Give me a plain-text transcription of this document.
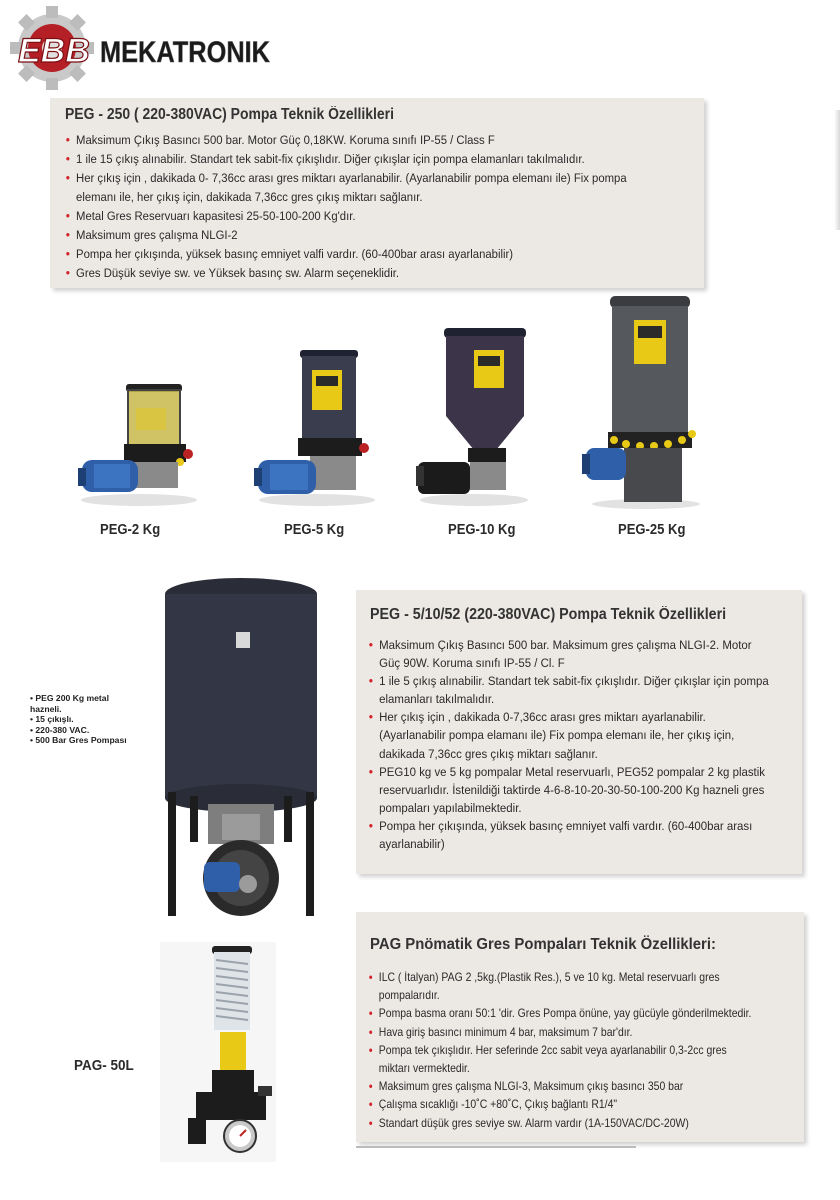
EBB MEKATRONIK
PEG - 250 ( 220-380VAC) Pompa Teknik Özellikleri
• Maksimum Çıkış Basıncı 500 bar. Motor Güç 0,18KW. Koruma sınıfı IP-55 / Class F
• 1 ile 15 çıkış alınabilir. Standart tek sabit-fix çıkışlıdır. Diğer çıkışlar için pompa elamanları takılmalıdır.
• Her çıkış için , dakikada 0- 7,36cc arası gres miktarı ayarlanabilir. (Ayarlanabilir pompa elemanı ile) Fix pompa elemanı ile, her çıkış için, dakikada 7,36cc gres çıkış miktarı sağlanır.
• Metal Gres Reservuarı kapasitesi 25-50-100-200 Kg'dır.
• Maksimum gres çalışma NLGI-2
• Pompa her çıkışında, yüksek basınç emniyet valfi vardır. (60-400bar arası ayarlanabilir)
• Gres Düşük seviye sw. ve Yüksek basınç sw. Alarm seçeneklidir.
PEG-2 Kg	PEG-5 Kg	PEG-10 Kg	PEG-25 Kg
• PEG 200 Kg metal
hazneli.
• 15 çıkışlı.
• 220-380 VAC.
• 500 Bar Gres Pompası
PEG - 5/10/52 (220-380VAC) Pompa Teknik Özellikleri
• Maksimum Çıkış Basıncı 500 bar. Maksimum gres çalışma NLGI-2. Motor Güç 90W. Koruma sınıfı IP-55 / Cl. F
• 1 ile 5 çıkış alınabilir. Standart tek sabit-fix çıkışlıdır. Diğer çıkışlar için pompa elamanları takılmalıdır.
• Her çıkış için , dakikada 0-7,36cc arası gres miktarı ayarlanabilir. (Ayarlanabilir pompa elamanı ile) Fix pompa elemanı ile, her çıkış için, dakikada 7,36cc gres çıkış miktarı sağlanır.
• PEG10 kg ve 5 kg pompalar Metal reservuarlı, PEG52 pompalar 2 kg plastik reservuarlıdır. İstenildiği taktirde 4-6-8-10-20-30-50-100-200 Kg hazneli gres pompaları yapılabilmektedir.
• Pompa her çıkışında, yüksek basınç emniyet valfi vardır. (60-400bar arası ayarlanabilir)
PAG- 50L
PAG Pnömatik Gres Pompaları Teknik Özellikleri:
• ILC ( İtalyan) PAG 2 ,5kg.(Plastik Res.), 5 ve 10 kg. Metal reservuarlı gres pompalarıdır.
• Pompa basma oranı 50:1 'dir. Gres Pompa önüne, yay gücüyle gönderilmektedir.
• Hava giriş basıncı minimum 4 bar, maksimum 7 bar'dır.
• Pompa tek çıkışlıdır. Her seferinde 2cc sabit veya ayarlanabilir 0,3-2cc gres miktarı vermektedir.
• Maksimum gres çalışma NLGI-3, Maksimum çıkış basıncı 350 bar
• Çalışma sıcaklığı -10˚C +80˚C, Çıkış bağlantı R1/4"
• Standart düşük gres seviye sw. Alarm vardır (1A-150VAC/DC-20W)
